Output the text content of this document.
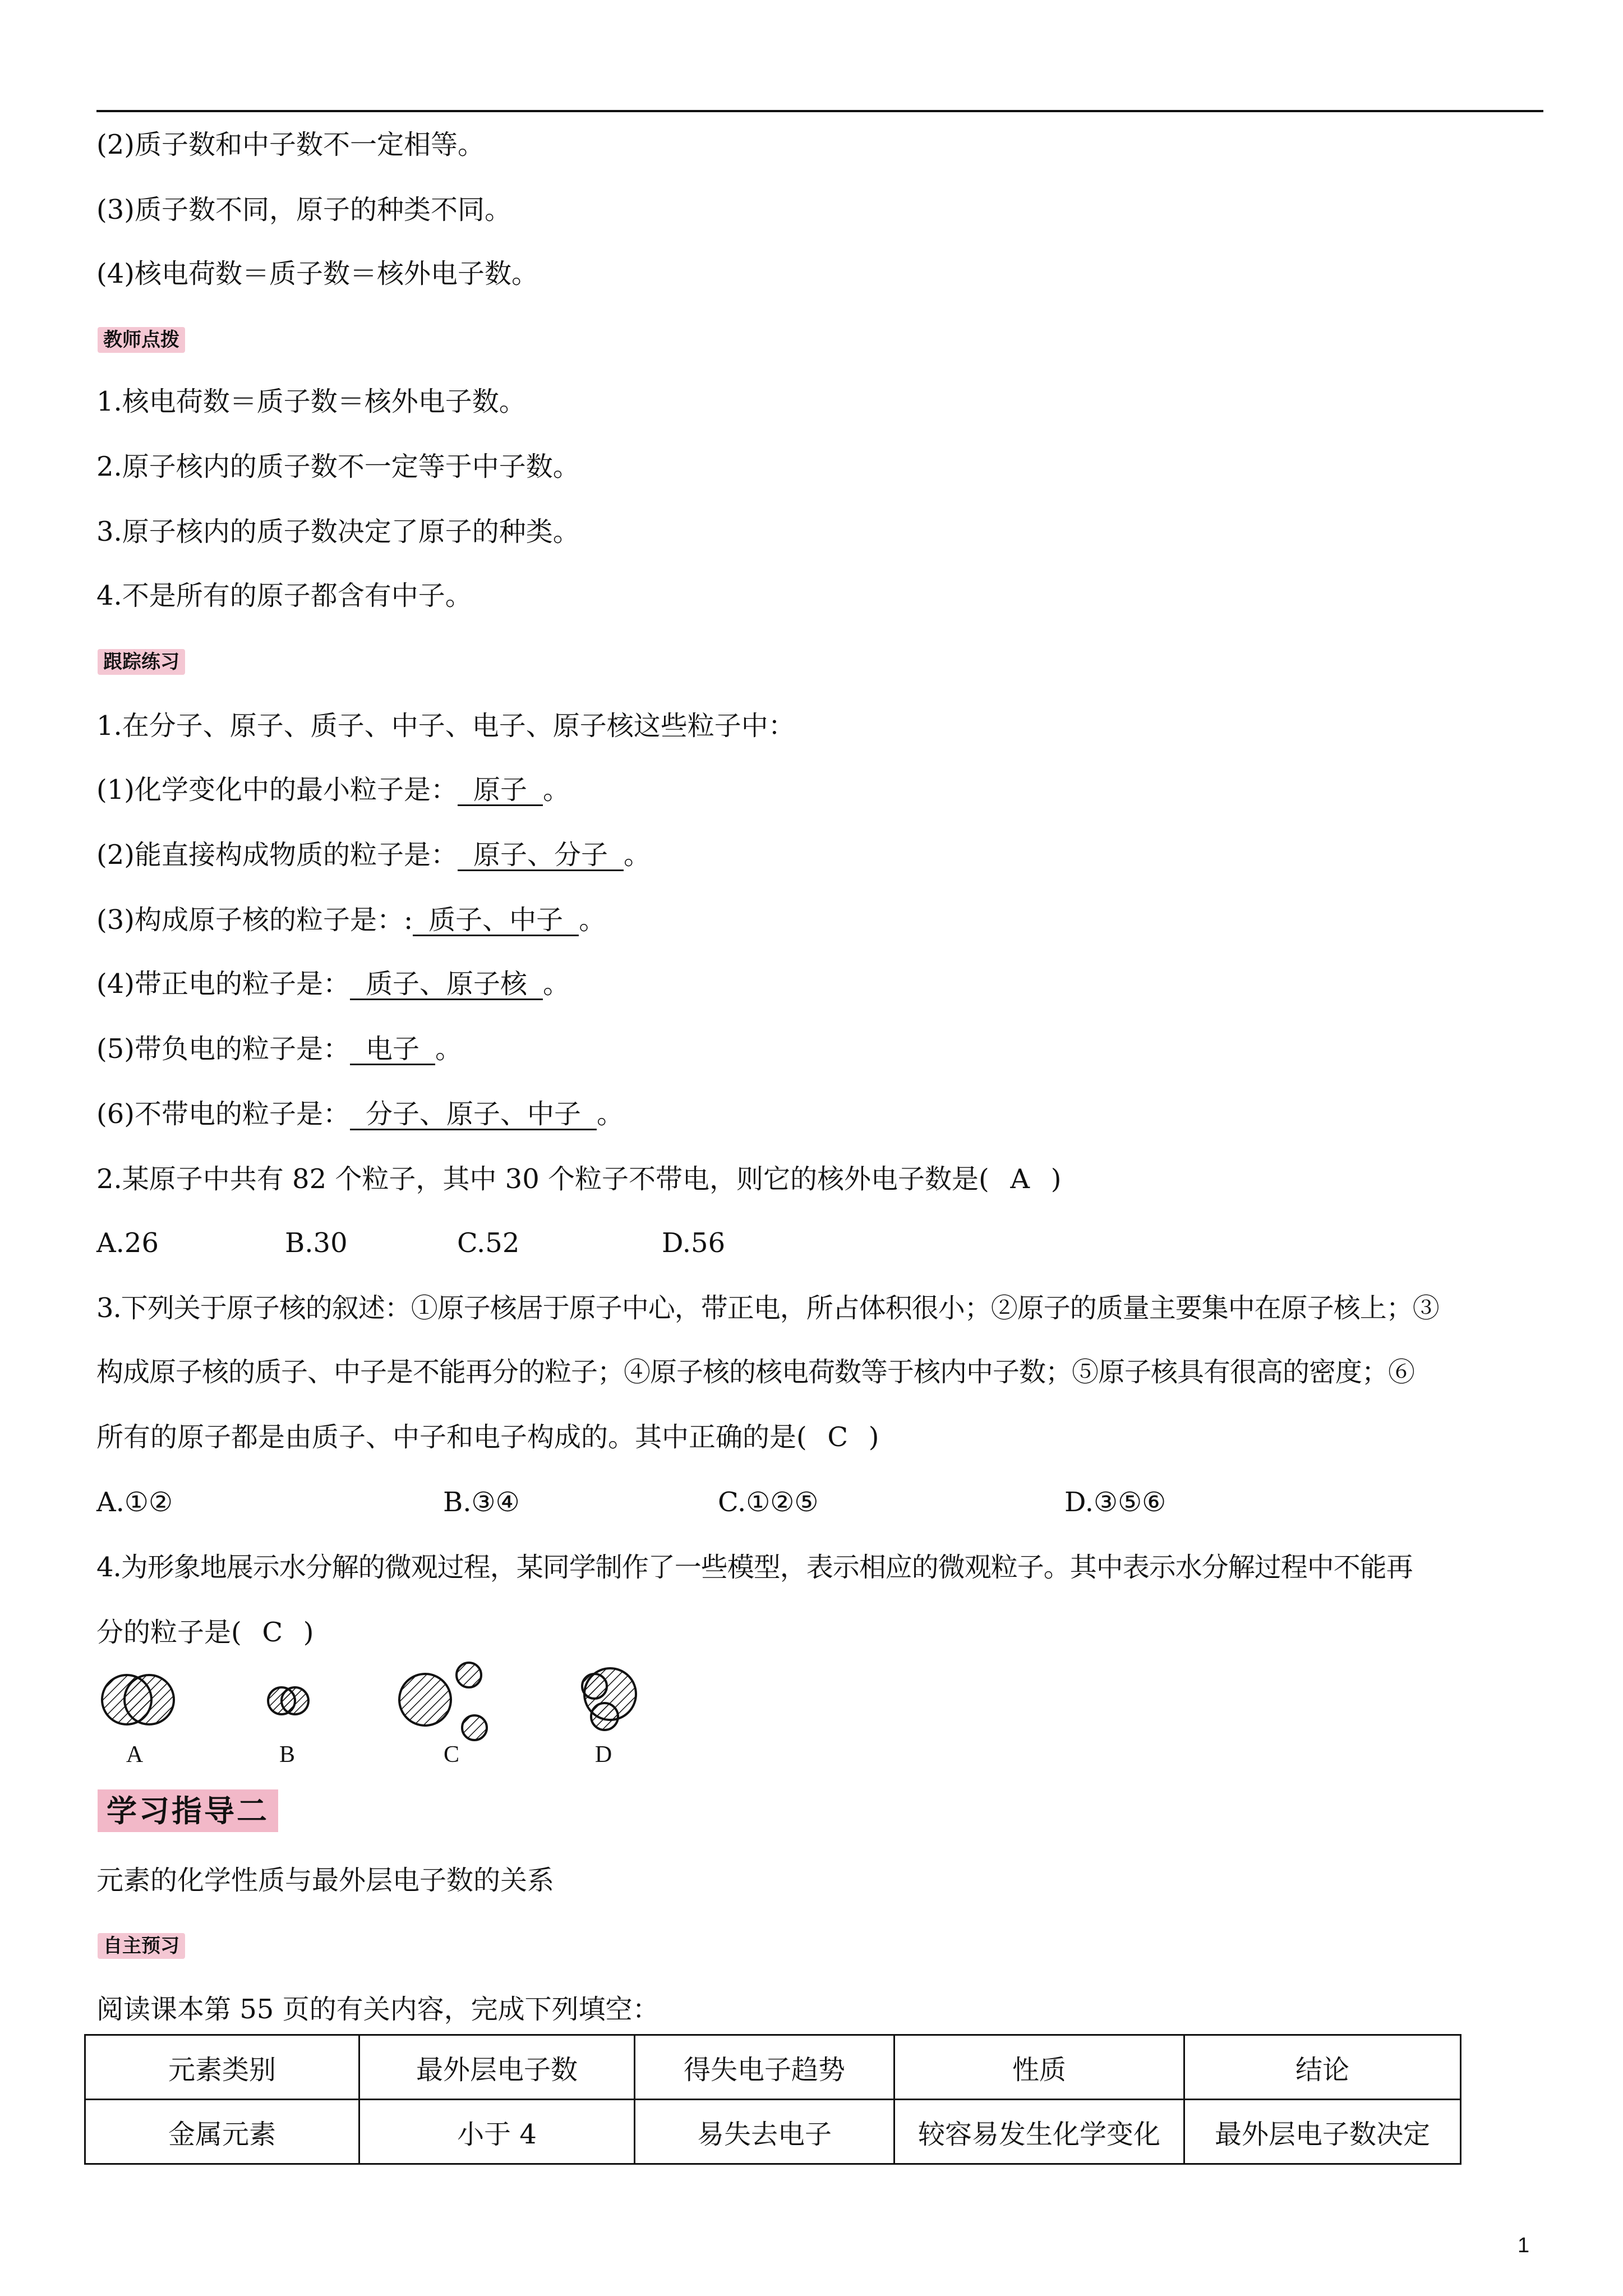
(2)质子数和中子数不一定相等。
(3)质子数不同，原子的种类不同。
(4)核电荷数＝质子数＝核外电子数。
教师点拨
1.核电荷数＝质子数＝核外电子数。
2.原子核内的质子数不一定等于中子数。
3.原子核内的质子数决定了原子的种类。
4.不是所有的原子都含有中子。
跟踪练习
1.在分子、原子、质子、中子、电子、原子核这些粒子中：
(1)化学变化中的最小粒子是： 原子 。
(2)能直接构成物质的粒子是： 原子、分子 。
(3)构成原子核的粒子是：: 质子、中子 。
(4)带正电的粒子是： 质子、原子核 。
(5)带负电的粒子是： 电子 。
(6)不带电的粒子是： 分子、原子、中子 。
2.某原子中共有 82 个粒子，其中 30 个粒子不带电，则它的核外电子数是( A )
A.26	B.30	C.52	D.56
3.下列关于原子核的叙述：①原子核居于原子中心，带正电，所占体积很小；②原子的质量主要集中在原子核上；③
构成原子核的质子、中子是不能再分的粒子；④原子核的核电荷数等于核内中子数；⑤原子核具有很高的密度；⑥
所有的原子都是由质子、中子和电子构成的。其中正确的是( C )
A.①②	B.③④	C.①②⑤	D.③⑤⑥
4.为形象地展示水分解的微观过程，某同学制作了一些模型，表示相应的微观粒子。其中表示水分解过程中不能再
分的粒子是( C )
A	B	C	D
学习指导二
元素的化学性质与最外层电子数的关系
自主预习
阅读课本第 55 页的有关内容，完成下列填空：
元素类别	最外层电子数	得失电子趋势	性质	结论
金属元素	小于 4	易失去电子	较容易发生化学变化	最外层电子数决定
1
